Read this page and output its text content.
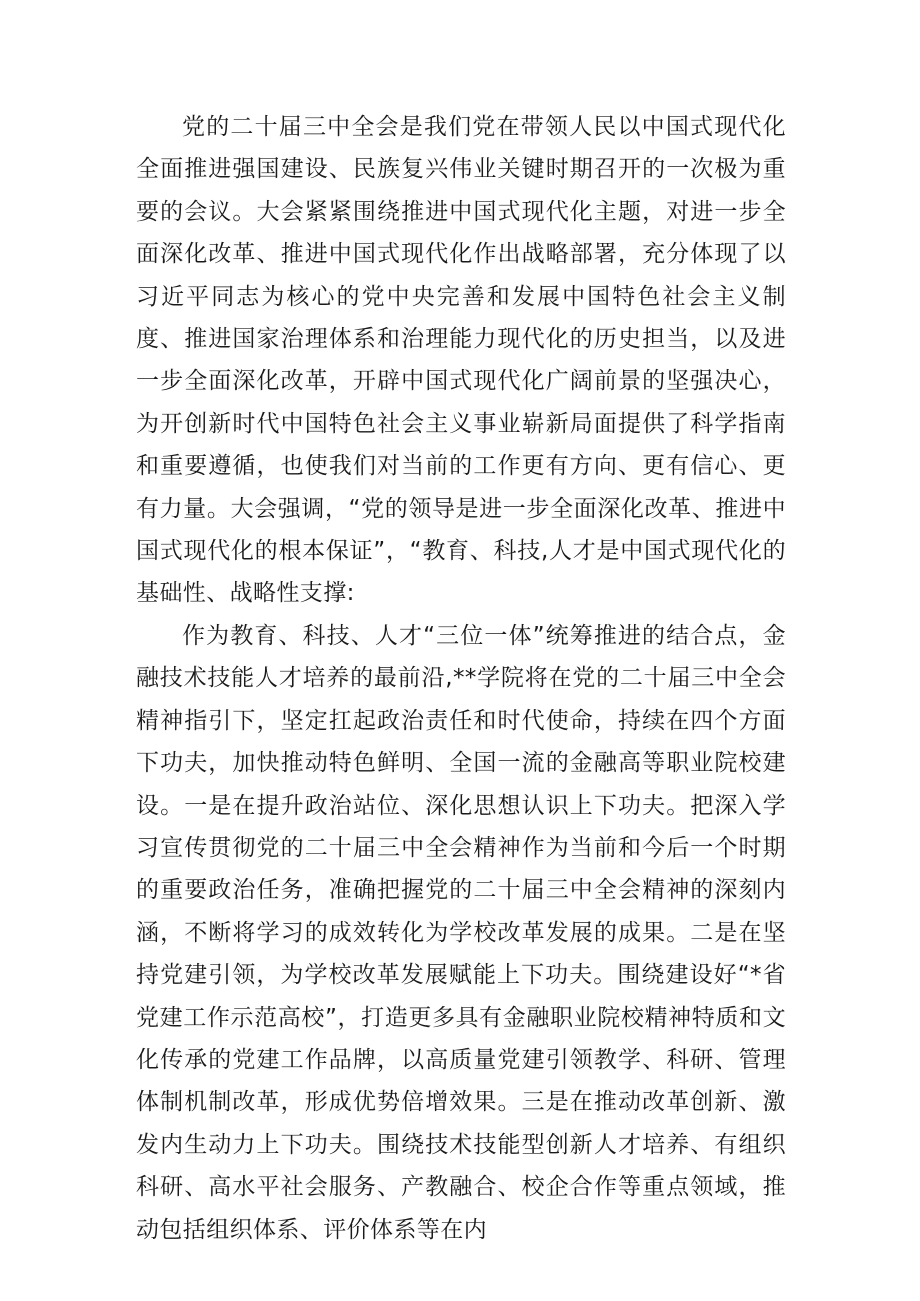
党的二十届三中全会是我们党在带领人民以中国式现代化全面推进强国建设、民族复兴伟业关键时期召开的一次极为重要的会议。大会紧紧围绕推进中国式现代化主题，对进一步全面深化改革、推进中国式现代化作出战略部署，充分体现了以习近平同志为核心的党中央完善和发展中国特色社会主义制度、推进国家治理体系和治理能力现代化的历史担当，以及进一步全面深化改革，开辟中国式现代化广阔前景的坚强决心，为开创新时代中国特色社会主义事业崭新局面提供了科学指南和重要遵循，也使我们对当前的工作更有方向、更有信心、更有力量。大会强调，“党的领导是进一步全面深化改革、推进中国式现代化的根本保证”，“教育、科技,人才是中国式现代化的基础性、战略性支撑:

作为教育、科技、人才“三位一体”统筹推进的结合点，金融技术技能人才培养的最前沿,**学院将在党的二十届三中全会精神指引下，坚定扛起政治责任和时代使命，持续在四个方面下功夫，加快推动特色鲜明、全国一流的金融高等职业院校建设。一是在提升政治站位、深化思想认识上下功夫。把深入学习宣传贯彻党的二十届三中全会精神作为当前和今后一个时期的重要政治任务，准确把握党的二十届三中全会精神的深刻内涵，不断将学习的成效转化为学校改革发展的成果。二是在坚持党建引领，为学校改革发展赋能上下功夫。围绕建设好“*省党建工作示范高校”，打造更多具有金融职业院校精神特质和文化传承的党建工作品牌，以高质量党建引领教学、科研、管理体制机制改革，形成优势倍增效果。三是在推动改革创新、激发内生动力上下功夫。围绕技术技能型创新人才培养、有组织科研、高水平社会服务、产教融合、校企合作等重点领域，推动包括组织体系、评价体系等在内
